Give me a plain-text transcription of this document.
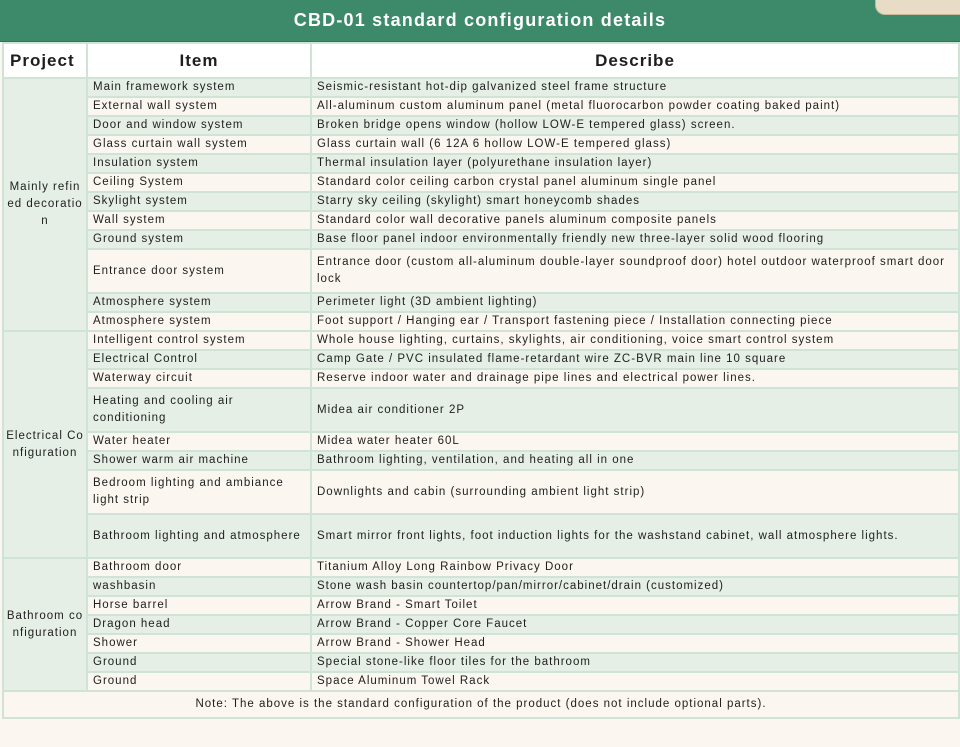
CBD-01 standard configuration details
Project	Item	Describe
Mainly refined decoration	Main framework system	Seismic-resistant hot-dip galvanized steel frame structure
	External wall system	All-aluminum custom aluminum panel (metal fluorocarbon powder coating baked paint)
	Door and window system	Broken bridge opens window (hollow LOW-E tempered glass) screen.
	Glass curtain wall system	Glass curtain wall (6 12A 6 hollow LOW-E tempered glass)
	Insulation system	Thermal insulation layer (polyurethane insulation layer)
	Ceiling System	Standard color ceiling carbon crystal panel aluminum single panel
	Skylight system	Starry sky ceiling (skylight) smart honeycomb shades
	Wall system	Standard color wall decorative panels aluminum composite panels
	Ground system	Base floor panel indoor environmentally friendly new three-layer solid wood flooring
	Entrance door system	Entrance door (custom all-aluminum double-layer soundproof door) hotel outdoor waterproof smart door lock
	Atmosphere system	Perimeter light (3D ambient lighting)
	Atmosphere system	Foot support / Hanging ear / Transport fastening piece / Installation connecting piece
Electrical Configuration	Intelligent control system	Whole house lighting, curtains, skylights, air conditioning, voice smart control system
	Electrical Control	Camp Gate / PVC insulated flame-retardant wire ZC-BVR main line 10 square
	Waterway circuit	Reserve indoor water and drainage pipe lines and electrical power lines.
	Heating and cooling air conditioning	Midea air conditioner 2P
	Water heater	Midea water heater 60L
	Shower warm air machine	Bathroom lighting, ventilation, and heating all in one
	Bedroom lighting and ambiance light strip	Downlights and cabin (surrounding ambient light strip)
	Bathroom lighting and atmosphere	Smart mirror front lights, foot induction lights for the washstand cabinet, wall atmosphere lights.
Bathroom configuration	Bathroom door	Titanium Alloy Long Rainbow Privacy Door
	washbasin	Stone wash basin countertop/pan/mirror/cabinet/drain (customized)
	Horse barrel	Arrow Brand - Smart Toilet
	Dragon head	Arrow Brand - Copper Core Faucet
	Shower	Arrow Brand - Shower Head
	Ground	Special stone-like floor tiles for the bathroom
	Ground	Space Aluminum Towel Rack
Note: The above is the standard configuration of the product (does not include optional parts).		
